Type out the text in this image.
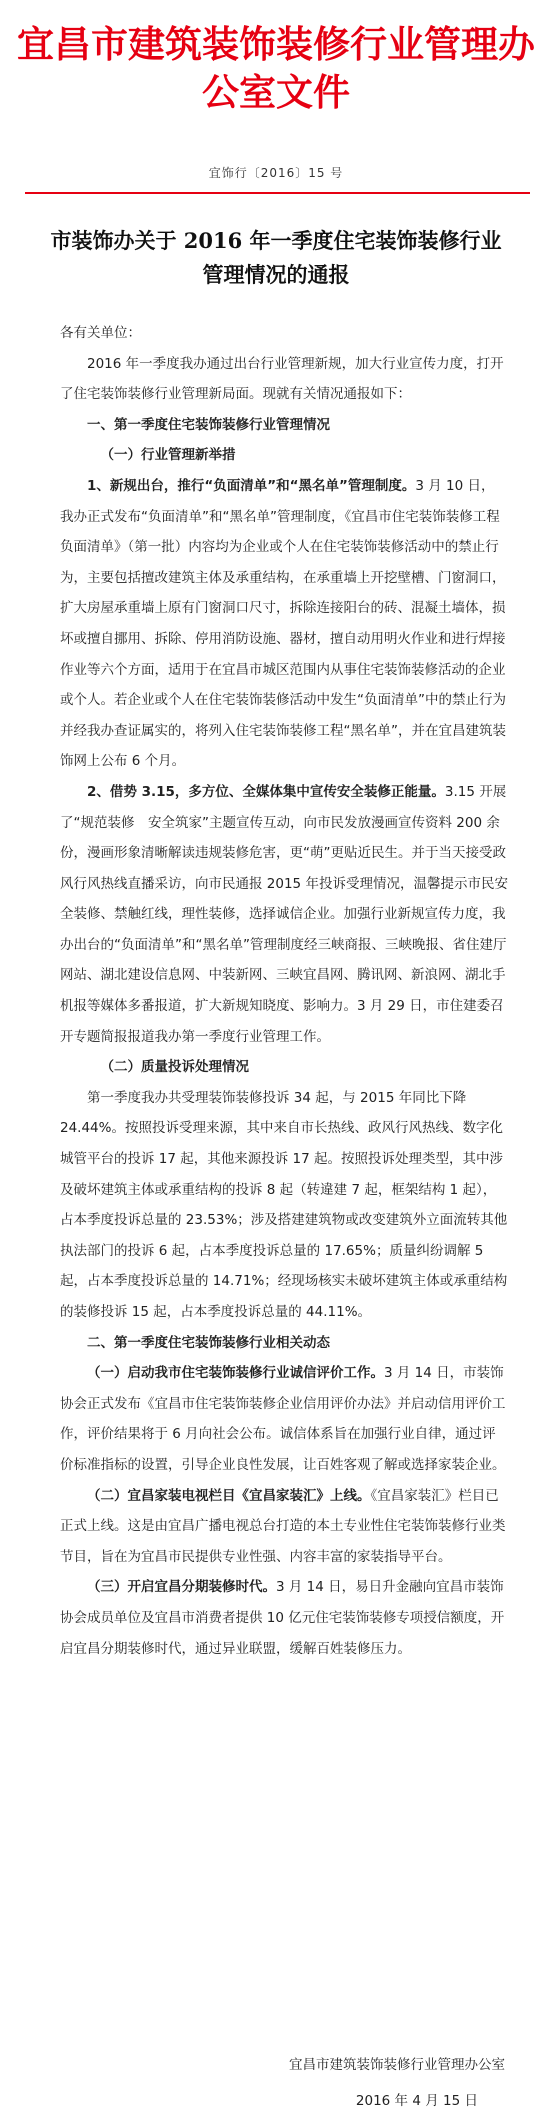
宜昌市建筑装饰装修行业管理办公室文件
宜饰行〔2016〕15 号
市装饰办关于 2016 年一季度住宅装饰装修行业管理情况的通报

各有关单位：

2016 年一季度我办通过出台行业管理新规，加大行业宣传力度，打开了住宅装饰装修行业管理新局面。现就有关情况通报如下：

一、第一季度住宅装饰装修行业管理情况

（一）行业管理新举措

1、新规出台，推行“负面清单”和“黑名单”管理制度。3 月 10 日，我办正式发布“负面清单”和“黑名单”管理制度，《宜昌市住宅装饰装修工程负面清单》（第一批）内容均为企业或个人在住宅装饰装修活动中的禁止行为，主要包括擅改建筑主体及承重结构，在承重墙上开挖壁槽、门窗洞口，扩大房屋承重墙上原有门窗洞口尺寸，拆除连接阳台的砖、混凝土墙体，损坏或擅自挪用、拆除、停用消防设施、器材，擅自动用明火作业和进行焊接作业等六个方面，适用于在宜昌市城区范围内从事住宅装饰装修活动的企业或个人。若企业或个人在住宅装饰装修活动中发生“负面清单”中的禁止行为并经我办查证属实的，将列入住宅装饰装修工程“黑名单”，并在宜昌建筑装饰网上公布 6 个月。

2、借势 3.15，多方位、全媒体集中宣传安全装修正能量。3.15 开展了“规范装修　安全筑家”主题宣传互动，向市民发放漫画宣传资料 200 余份，漫画形象清晰解读违规装修危害，更“萌”更贴近民生。并于当天接受政风行风热线直播采访，向市民通报 2015 年投诉受理情况，温馨提示市民安全装修、禁触红线，理性装修，选择诚信企业。加强行业新规宣传力度，我办出台的“负面清单”和“黑名单”管理制度经三峡商报、三峡晚报、省住建厅网站、湖北建设信息网、中装新网、三峡宜昌网、腾讯网、新浪网、湖北手机报等媒体多番报道，扩大新规知晓度、影响力。3 月 29 日，市住建委召开专题简报报道我办第一季度行业管理工作。

（二）质量投诉处理情况

第一季度我办共受理装饰装修投诉 34 起，与 2015 年同比下降 24.44%。按照投诉受理来源，其中来自市长热线、政风行风热线、数字化城管平台的投诉 17 起，其他来源投诉 17 起。按照投诉处理类型，其中涉及破坏建筑主体或承重结构的投诉 8 起（转違建 7 起，框架结构 1 起），占本季度投诉总量的 23.53%；涉及搭建建筑物或改变建筑外立面流转其他执法部门的投诉 6 起，占本季度投诉总量的 17.65%；质量纠纷调解 5 起，占本季度投诉总量的 14.71%；经现场核实未破坏建筑主体或承重结构的装修投诉 15 起，占本季度投诉总量的 44.11%。

二、第一季度住宅装饰装修行业相关动态

（一）启动我市住宅装饰装修行业诚信评价工作。3 月 14 日，市装饰协会正式发布《宜昌市住宅装饰装修企业信用评价办法》并启动信用评价工作，评价结果将于 6 月向社会公布。诚信体系旨在加强行业自律，通过评价标准指标的设置，引导企业良性发展，让百姓客观了解或选择家装企业。

（二）宜昌家装电视栏目《宜昌家装汇》上线。《宜昌家装汇》栏目已正式上线。这是由宜昌广播电视总台打造的本土专业性住宅装饰装修行业类节目，旨在为宜昌市民提供专业性强、内容丰富的家装指导平台。

（三）开启宜昌分期装修时代。3 月 14 日，易日升金融向宜昌市装饰协会成员单位及宜昌市消费者提供 10 亿元住宅装饰装修专项授信额度，开启宜昌分期装修时代，通过异业联盟，缓解百姓装修压力。

宜昌市建筑装饰装修行业管理办公室
2016 年 4 月 15 日
